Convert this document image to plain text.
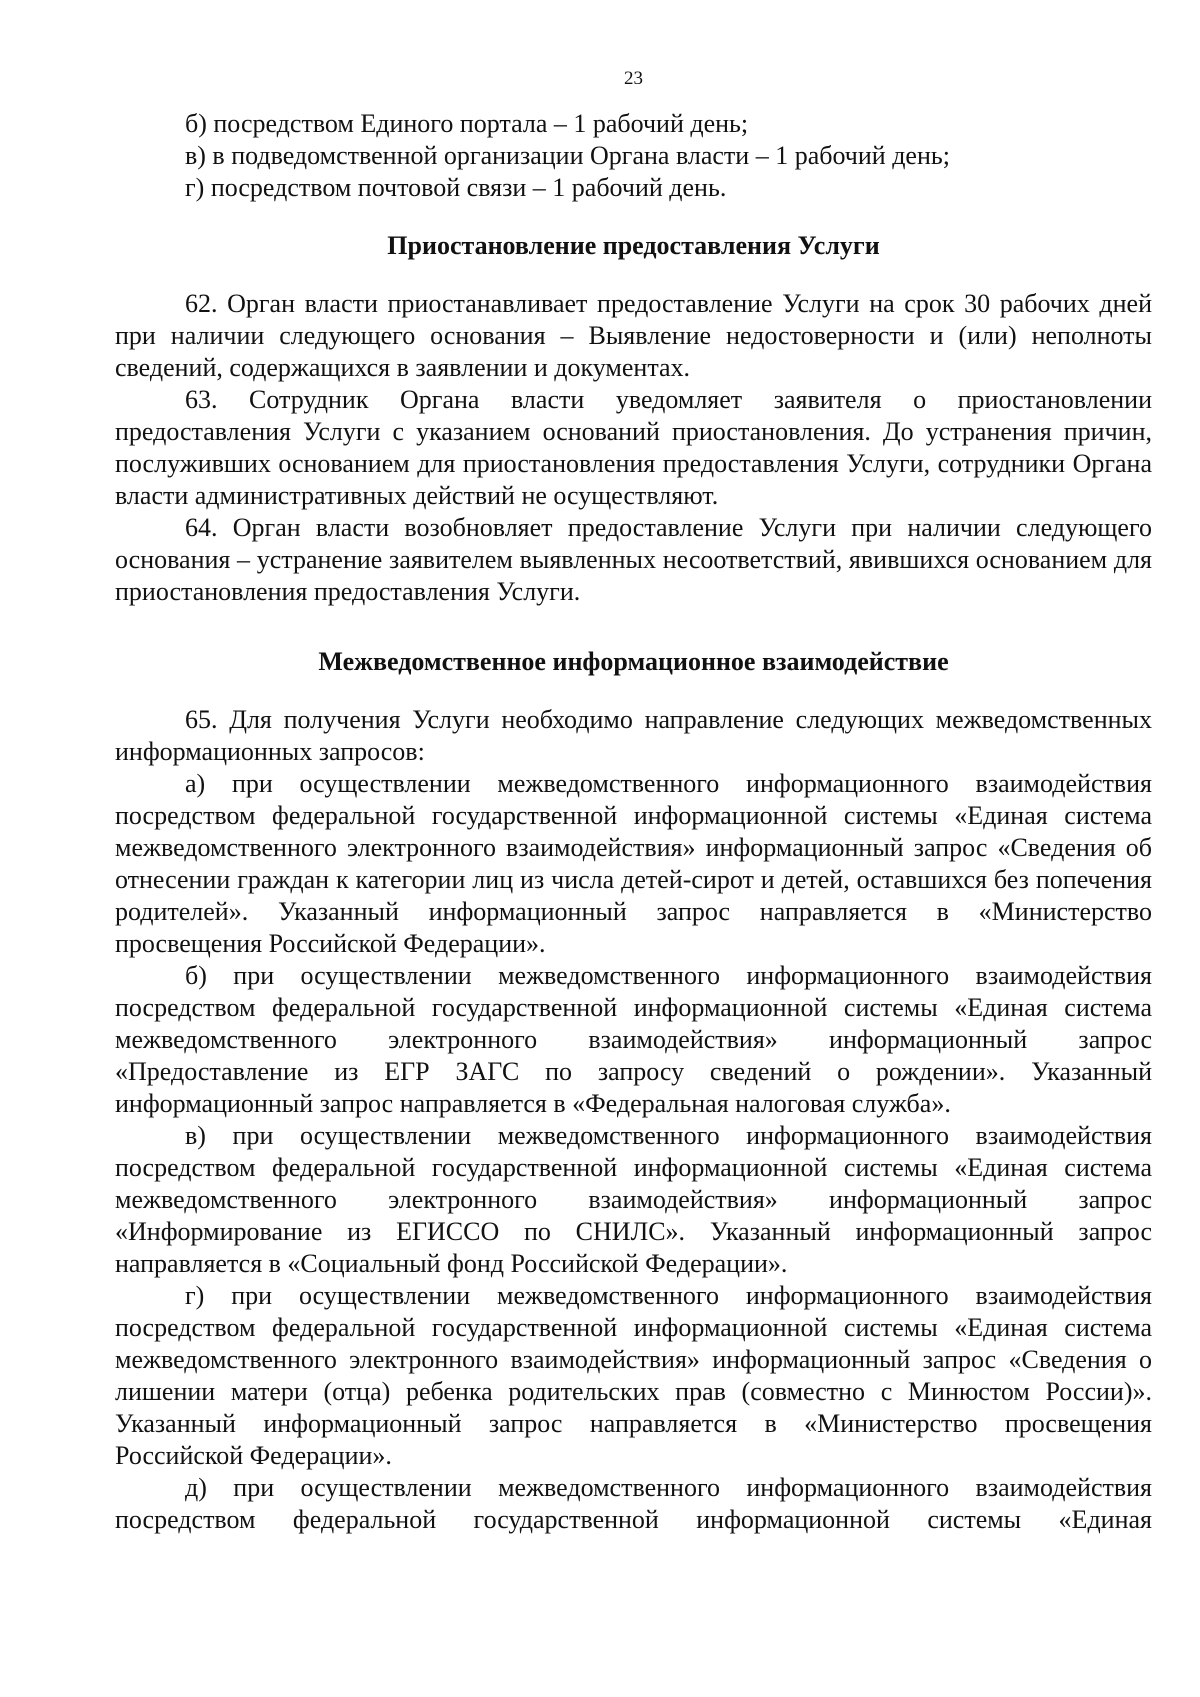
23

б) посредством Единого портала – 1 рабочий день;

в) в подведомственной организации Органа власти – 1 рабочий день;

г) посредством почтовой связи – 1 рабочий день.

Приостановление предоставления Услуги

62. Орган власти приостанавливает предоставление Услуги на срок 30 рабочих дней при наличии следующего основания – Выявление недостоверности и (или) неполноты сведений, содержащихся в заявлении и документах.

63. Сотрудник Органа власти уведомляет заявителя о приостановлении предоставления Услуги с указанием оснований приостановления. До устранения причин, послуживших основанием для приостановления предоставления Услуги, сотрудники Органа власти административных действий не осуществляют.

64. Орган власти возобновляет предоставление Услуги при наличии следующего основания – устранение заявителем выявленных несоответствий, явившихся основанием для приостановления предоставления Услуги.

Межведомственное информационное взаимодействие

65. Для получения Услуги необходимо направление следующих межведомственных информационных запросов:

а) при осуществлении межведомственного информационного взаимодействия посредством федеральной государственной информационной системы «Единая система межведомственного электронного взаимодействия» информационный запрос «Сведения об отнесении граждан к категории лиц из числа детей-сирот и детей, оставшихся без попечения родителей». Указанный информационный запрос направляется в «Министерство просвещения Российской Федерации».

б) при осуществлении межведомственного информационного взаимодействия посредством федеральной государственной информационной системы «Единая система межведомственного электронного взаимодействия» информационный запрос «Предоставление из ЕГР ЗАГС по запросу сведений о рождении». Указанный информационный запрос направляется в «Федеральная налоговая служба».

в) при осуществлении межведомственного информационного взаимодействия посредством федеральной государственной информационной системы «Единая система межведомственного электронного взаимодействия» информационный запрос «Информирование из ЕГИССО по СНИЛС». Указанный информационный запрос направляется в «Социальный фонд Российской Федерации».

г) при осуществлении межведомственного информационного взаимодействия посредством федеральной государственной информационной системы «Единая система межведомственного электронного взаимодействия» информационный запрос «Сведения о лишении матери (отца) ребенка родительских прав (совместно с Минюстом России)». Указанный информационный запрос направляется в «Министерство просвещения Российской Федерации».

д) при осуществлении межведомственного информационного взаимодействия посредством федеральной государственной информационной системы «Единая
